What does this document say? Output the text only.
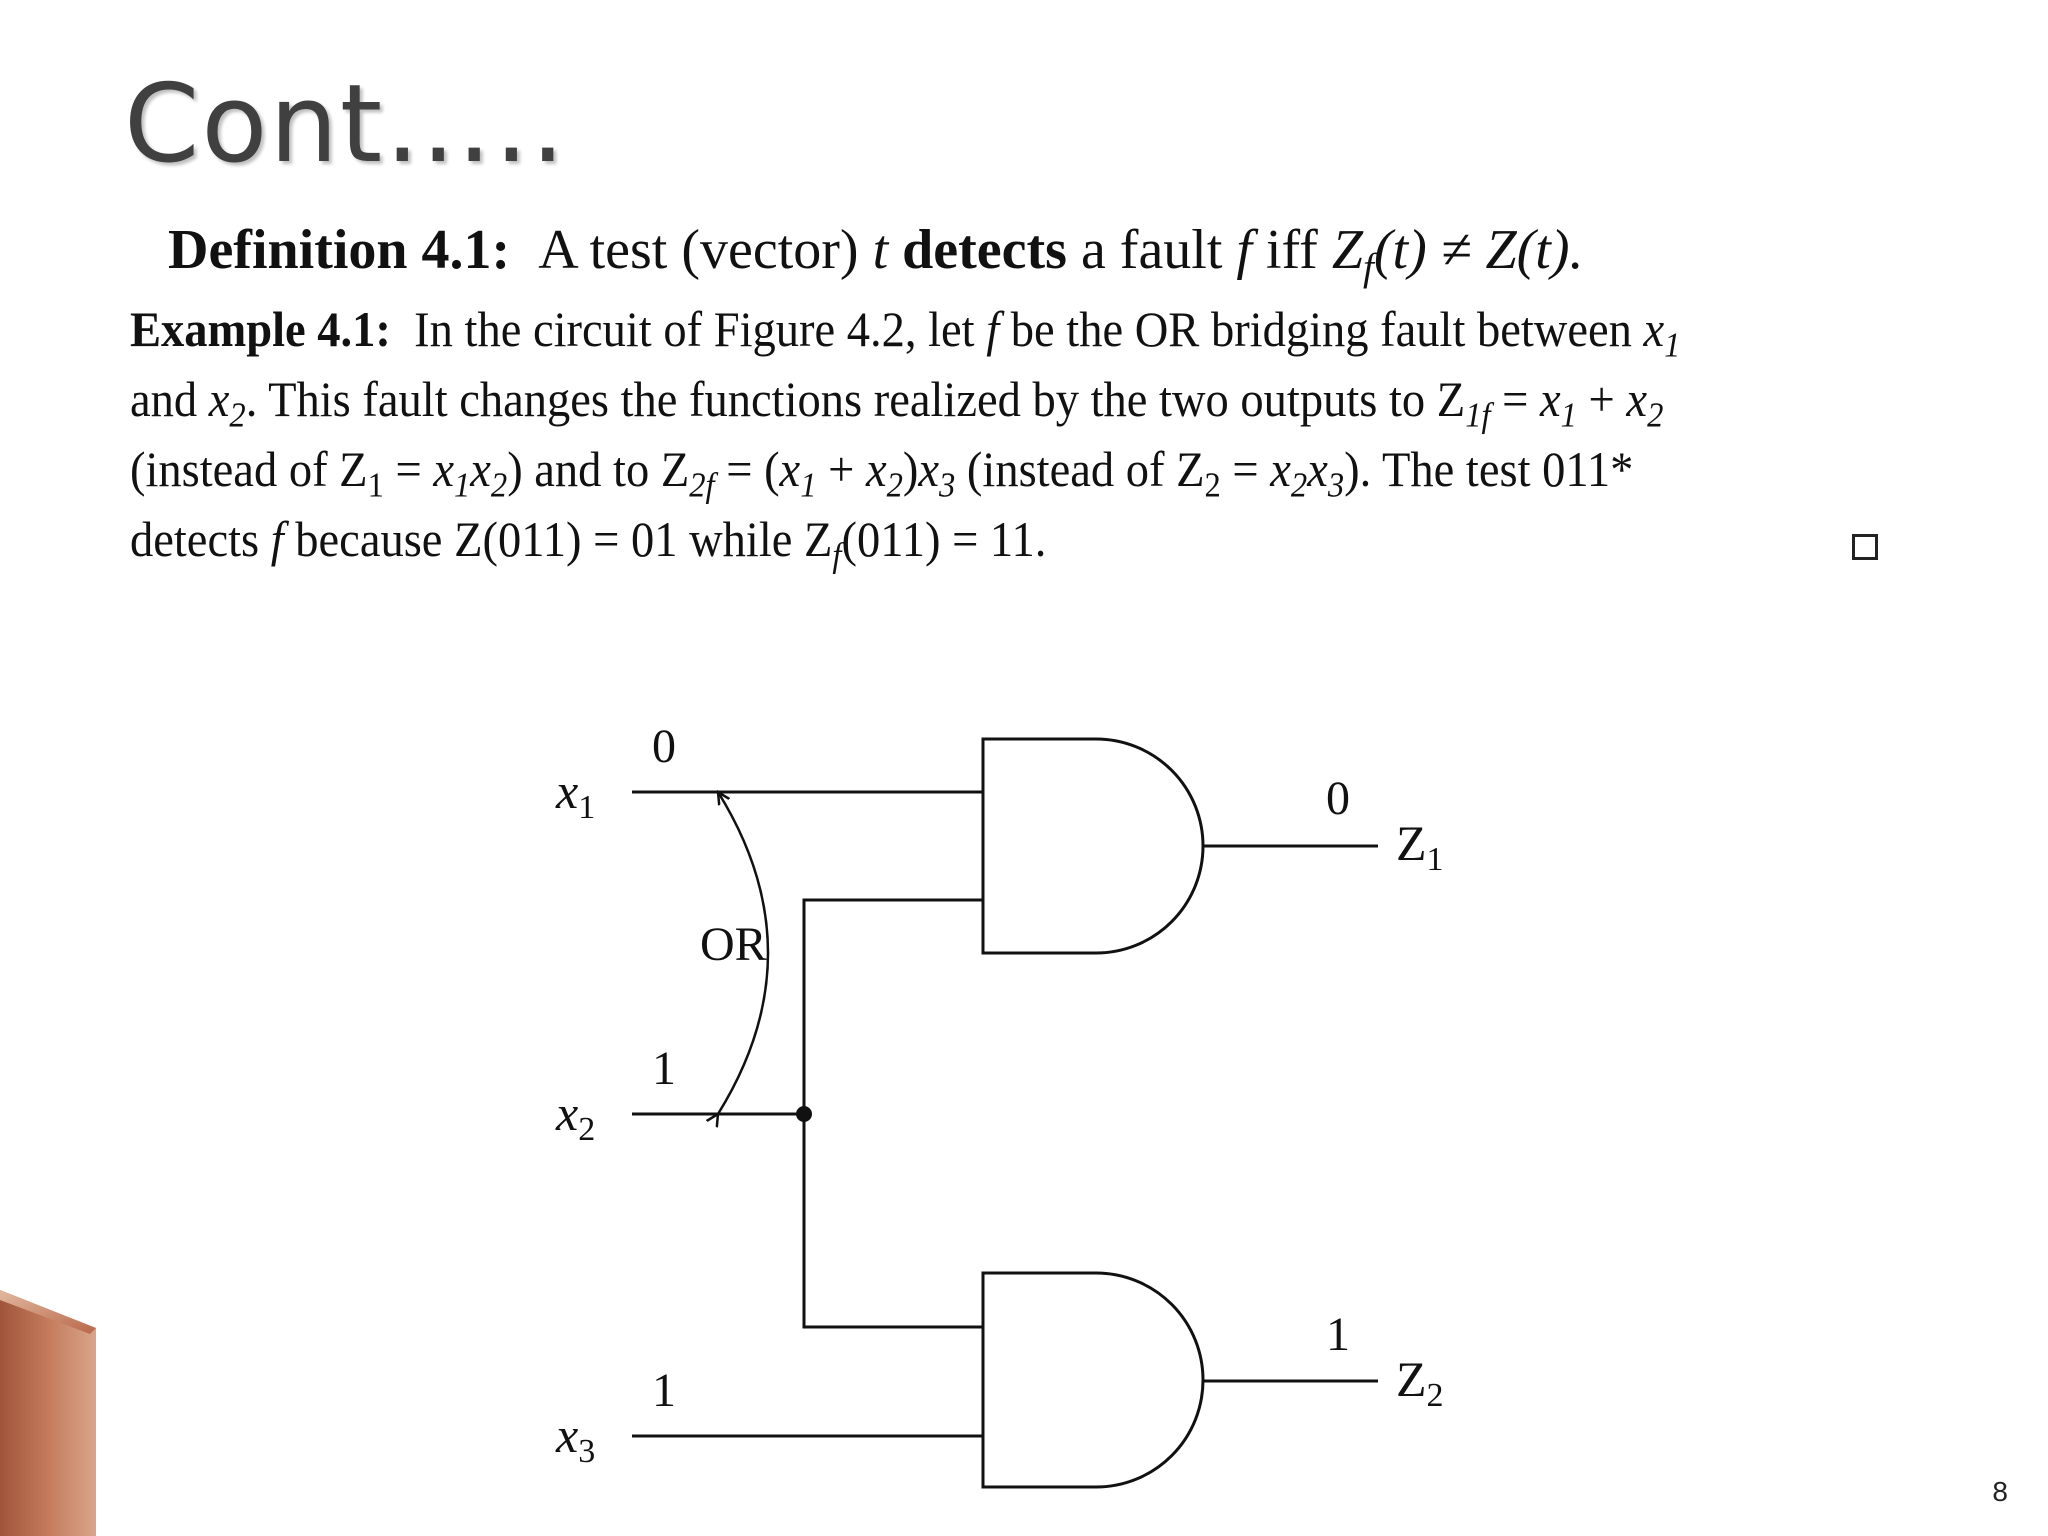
Cont…..
Definition 4.1: A test (vector) t detects a fault f iff $Z_f(t) \ne Z(t)$.
Example 4.1: In the circuit of Figure 4.2, let f be the OR bridging fault between $x_1$
and $x_2$. This fault changes the functions realized by the two outputs to $Z_{1f} = x_1 + x_2$
(instead of $Z_1 = x_1x_2$) and to $Z_{2f} = (x_1 + x_2)x_3$ (instead of $Z_2 = x_2x_3$). The test 011*
detects f because Z(011) = 01 while $Z_f(011) = 11$.
$x_1$
$x_2$
$x_3$
0
1
1
OR
0
1
$Z_1$
$Z_2$
8
